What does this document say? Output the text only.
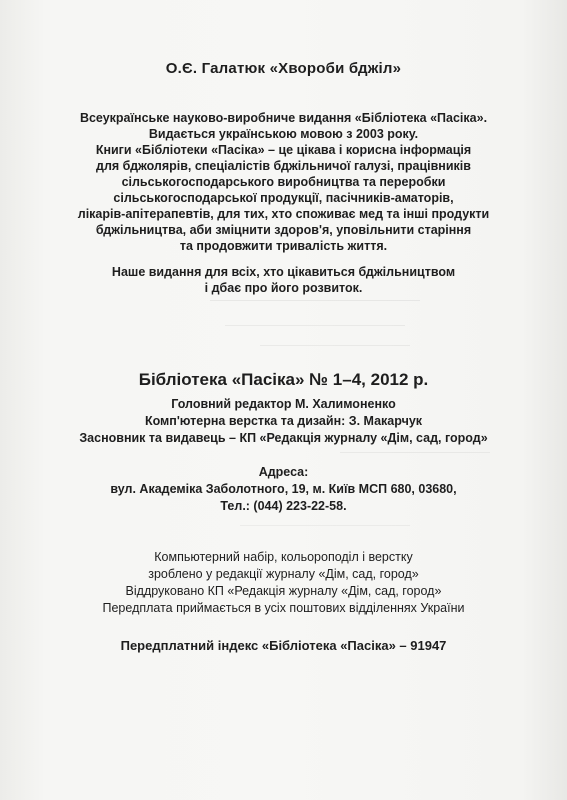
О.Є. Галатюк «Хвороби бджіл»
Всеукраїнське науково-виробниче видання «Бібліотека «Пасіка».
Видається українською мовою з 2003 року.
Книги «Бібліотеки «Пасіка» – це цікава і корисна інформація
для бджолярів, спеціалістів бджільничої галузі, працівників
сільськогосподарського виробництва та переробки
сільськогосподарської продукції, пасічників-аматорів,
лікарів-апітерапевтів, для тих, хто споживає мед та інші продукти
бджільництва, аби зміцнити здоров'я, уповільнити старіння
та продовжити тривалість життя.
Наше видання для всіх, хто цікавиться бджільництвом
і дбає про його розвиток.
Бібліотека «Пасіка» № 1–4, 2012 р.
Головний редактор М. Халимоненко
Комп'ютерна верстка та дизайн: З. Макарчук
Засновник та видавець – КП «Редакція журналу «Дім, сад, город»
Адреса:
вул. Академіка Заболотного, 19, м. Київ МСП 680, 03680,
Тел.: (044) 223-22-58.
Компьютерний набір, кольороподіл і верстку
зроблено у редакції журналу «Дім, сад, город»
Віддруковано КП «Редакція журналу «Дім, сад, город»
Передплата приймається в усіх поштових відділеннях України
Передплатний індекс «Бібліотека «Пасіка» – 91947
